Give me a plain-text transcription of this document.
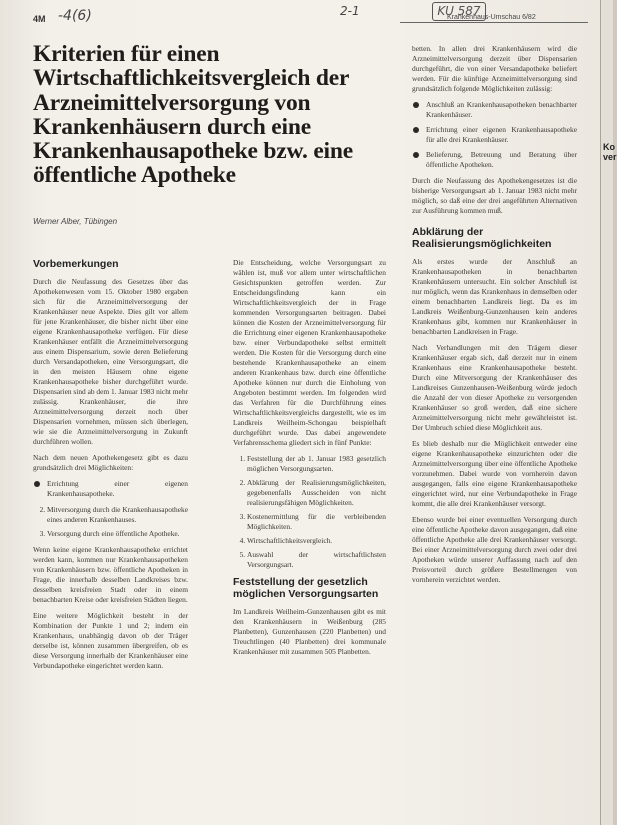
4M -4(6)	2-1	KU 587
Krankenhaus-Umschau 6/82
Kriterien für einen Wirtschaftlichkeitsvergleich der Arzneimittelversorgung von Krankenhäusern durch eine Krankenhausapotheke bzw. eine öffentliche Apotheke
Werner Alber, Tübingen
Vorbemerkungen

Durch die Neufassung des Gesetzes über das Apothekenwesen vom 15. Oktober 1980 ergaben sich für die Arzneimittelversorgung der Krankenhäuser neue Aspekte. Dies gilt vor allem für jene Krankenhäuser, die bisher nicht über eine eigene Krankenhausapotheke verfügen. Für diese Krankenhäuser entfällt die Arzneimittelversorgung aus einem Dispensarium, sowie deren Belieferung durch Versandapotheken, eine Versorgungsart, die in den meisten Häusern ohne eigene Krankenhausapotheke bisher durchgeführt wurde. Dispensarien sind ab dem 1. Januar 1983 nicht mehr zulässig. Krankenhäuser, die ihre Arzneimittelversorgung derzeit noch über Dispensarien vornehmen, müssen sich überlegen, wie sie die Arzneimittelversorgung in Zukunft durchführen wollen.

Nach dem neuen Apothekengesetz gibt es dazu grundsätzlich drei Möglichkeiten:

Errichtung einer eigenen Krankenhausapotheke.
2. Mitversorgung durch die Krankenhausapotheke eines anderen Krankenhauses.
3. Versorgung durch eine öffentliche Apotheke.

Wenn keine eigene Krankenhausapotheke errichtet werden kann, kommen nur Krankenhausapotheken von Krankenhäusern bzw. öffentliche Apotheken in Frage, die innerhalb desselben Landkreises bzw. desselben kreisfreien Stadt oder in einem benachbarten Kreise oder kreisfreien Städten liegen.

Eine weitere Möglichkeit besteht in der Kombination der Punkte 1 und 2; indem ein Krankenhaus, unabhängig davon ob der Träger derselbe ist, können zusammen übergreifen, ob es diese Versorgung innerhalb der Krankenhäuser eine Verbundapotheke eingerichtet werden kann.

Die Entscheidung, welche Versorgungsart zu wählen ist, muß vor allem unter wirtschaftlichen Gesichtspunkten getroffen werden. Zur Entscheidungsfindung kann ein Wirtschaftlichkeitsvergleich der in Frage kommenden Versorgungsarten beitragen. Dabei können die Kosten der Arzneimittelversorgung für die Errichtung einer eigenen Krankenhausapotheke bzw. einer Verbundapotheke selbst ermittelt werden. Die Kosten für die Versorgung durch eine bestehende Krankenhausapotheke an einem anderen Krankenhaus bzw. durch eine öffentliche Apotheke können nur durch die Einholung von Angeboten bestimmt werden. Im folgenden wird das Verfahren für die Durchführung eines Wirtschaftlichkeitsvergleichs dargestellt, wie es im Landkreis Weilheim-Schongau beispielhaft durchgeführt wurde. Das dabei angewendete Verfahrensschema gliedert sich in fünf Punkte:

1. Feststellung der ab 1. Januar 1983 gesetzlich möglichen Versorgungsarten.
2. Abklärung der Realisierungsmöglichkeiten, gegebenenfalls Ausscheiden von nicht realisierungsfähigen Möglichkeiten.
3. Kostenermittlung für die verbleibenden Möglichkeiten.
4. Wirtschaftlichkeitsvergleich.
5. Auswahl der wirtschaftlichsten Versorgungsart.
Feststellung der gesetzlich möglichen Versorgungsarten

Im Landkreis Weilheim-Gunzenhausen gibt es mit den Krankenhäusern in Weißenburg (285 Planbetten), Gunzenhausen (220 Planbetten) und Treuchtlingen (40 Planbetten) drei kommunale Krankenhäuser mit zusammen 505 Planbetten.

betten. In allen drei Krankenhäusern wird die Arzneimittelversorgung derzeit über Dispensarien durchgeführt, die von einer Versandapotheke beliefert werden. Für die künftige Arzneimittelversorgung sind grundsätzlich folgende Möglichkeiten zulässig:

Anschluß an Krankenhausapotheken benachbarter Krankenhäuser.
Errichtung einer eigenen Krankenhausapotheke für alle drei Krankenhäuser.
Belieferung, Betreuung und Beratung über öffentliche Apotheken.

Durch die Neufassung des Apothekengesetzes ist die bisherige Versorgungsart ab 1. Januar 1983 nicht mehr möglich, so daß eine der drei angeführten Alternativen zur Ausführung kommen muß.

Abklärung der Realisierungsmöglichkeiten

Als erstes wurde der Anschluß an Krankenhausapotheken in benachbarten Krankenhäusern untersucht. Ein solcher Anschluß ist nur möglich, wenn das Krankenhaus in demselben oder einem benachbarten Landkreis liegt. Da es im Landkreis Weißenburg-Gunzenhausen kein anderes Krankenhaus gibt, kommen nur Krankenhäuser in benachbarten Landkreisen in Frage.

Nach Verhandlungen mit den Trägern dieser Krankenhäuser ergab sich, daß derzeit nur in einem Krankenhaus eine Krankenhausapotheke besteht. Durch eine Mitversorgung der Krankenhäuser des Landkreises Gunzenhausen-Weißenburg würde jedoch die Anzahl der von dieser Apotheke zu versorgenden Krankenhäuser so groß werden, daß eine sichere Arzneimittelversorgung nicht mehr gewährleistet ist. Der Umbruch schied diese Möglichkeit aus.

Es blieb deshalb nur die Möglichkeit entweder eine eigene Krankenhausapotheke einzurichten oder die Arzneimittelversorgung über eine öffentliche Apotheke vorzunehmen. Dabei wurde von vornherein davon ausgegangen, falls eine eigene Krankenhausapotheke eingerichtet wird, nur eine Verbundapotheke in Frage kommt, die alle drei Krankenhäuser versorgt.

Ebenso wurde bei einer eventuellen Versorgung durch eine öffentliche Apotheke davon ausgegangen, daß eine öffentliche Apotheke alle drei Krankenhäuser versorgt. Bei einer Arzneimittelversorgung durch zwei oder drei Apotheken würde unserer Auffassung nach auf den Preisvorteil durch größere Bestellmengen von vornherein verzichtet werden.

Ko ver
